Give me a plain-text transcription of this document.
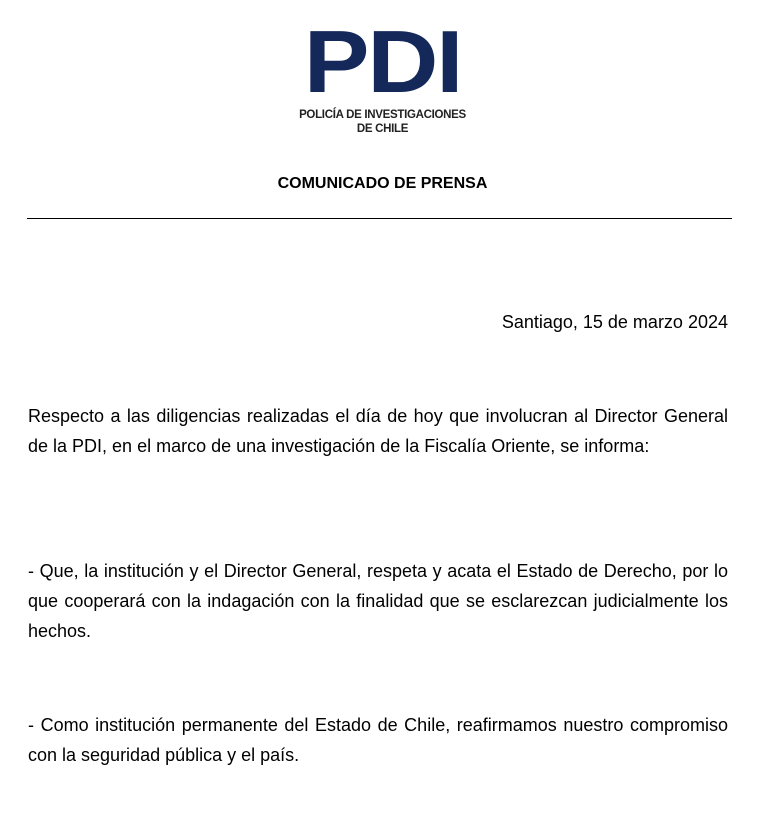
PDI
POLICÍA DE INVESTIGACIONES
DE CHILE
COMUNICADO DE PRENSA
Santiago, 15 de marzo 2024

Respecto a las diligencias realizadas el día de hoy que involucran al Director General de la PDI, en el marco de una investigación de la Fiscalía Oriente, se informa:

- Que, la institución y el Director General, respeta y acata el Estado de Derecho, por lo que cooperará con la indagación con la finalidad que se esclarezcan judicialmente los hechos.

- Como institución permanente del Estado de Chile, reafirmamos nuestro compromiso con la seguridad pública y el país.
